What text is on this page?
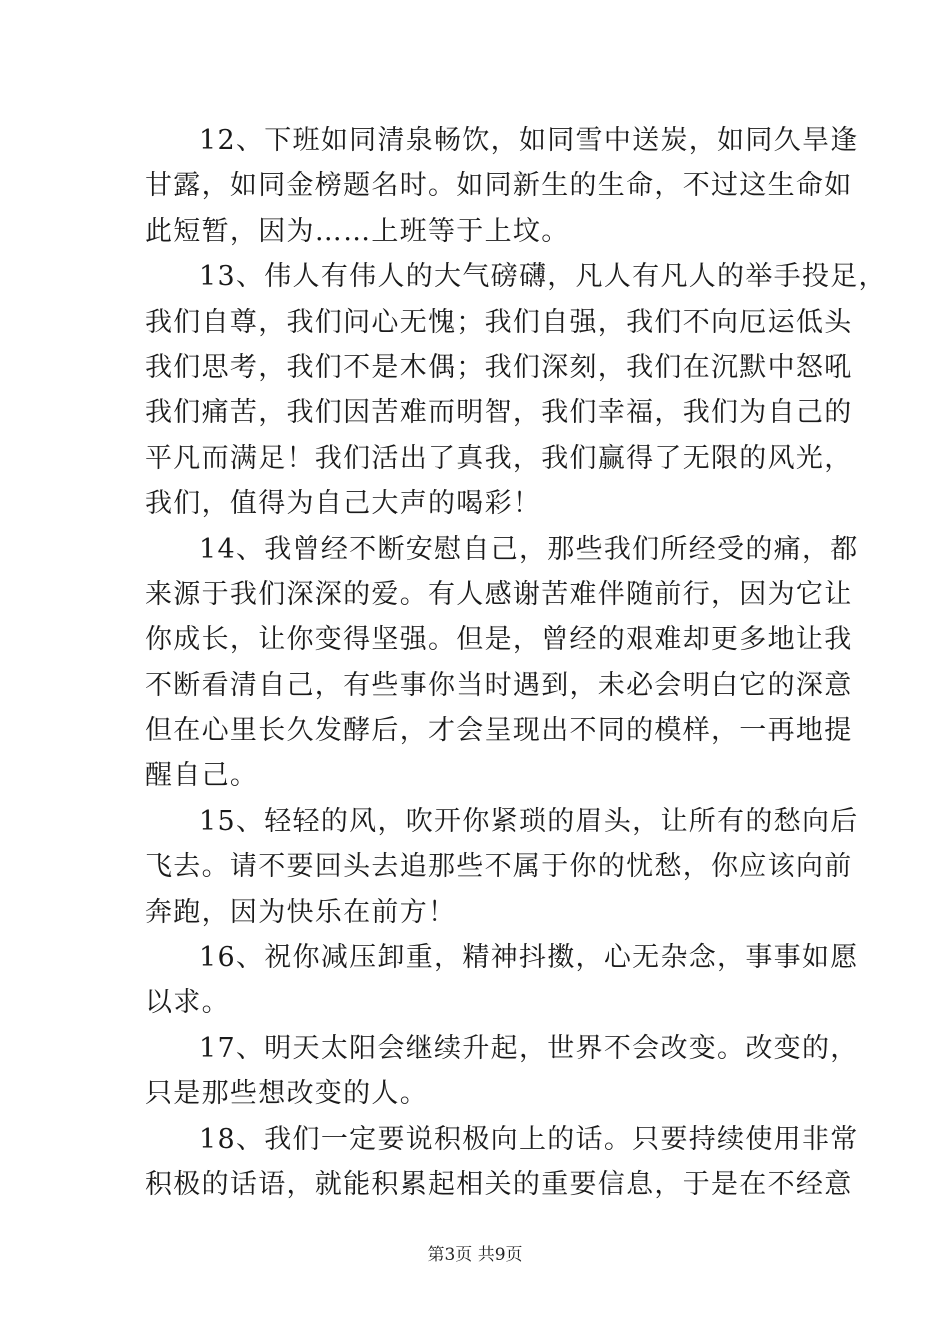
12、下班如同清泉畅饮，如同雪中送炭，如同久旱逢
甘露，如同金榜题名时。如同新生的生命，不过这生命如
此短暂，因为……上班等于上坟。
13、伟人有伟人的大气磅礴，凡人有凡人的举手投足，
我们自尊，我们问心无愧；我们自强，我们不向厄运低头
我们思考，我们不是木偶；我们深刻，我们在沉默中怒吼
我们痛苦，我们因苦难而明智，我们幸福，我们为自己的
平凡而满足！我们活出了真我，我们赢得了无限的风光，
我们，值得为自己大声的喝彩！
14、我曾经不断安慰自己，那些我们所经受的痛，都
来源于我们深深的爱。有人感谢苦难伴随前行，因为它让
你成长，让你变得坚强。但是，曾经的艰难却更多地让我
不断看清自己，有些事你当时遇到，未必会明白它的深意
但在心里长久发酵后，才会呈现出不同的模样，一再地提
醒自己。
15、轻轻的风，吹开你紧琐的眉头，让所有的愁向后
飞去。请不要回头去追那些不属于你的忧愁，你应该向前
奔跑，因为快乐在前方！
16、祝你减压卸重，精神抖擞，心无杂念，事事如愿
以求。
17、明天太阳会继续升起，世界不会改变。改变的，
只是那些想改变的人。
18、我们一定要说积极向上的话。只要持续使用非常
积极的话语，就能积累起相关的重要信息，于是在不经意
第3页 共9页
